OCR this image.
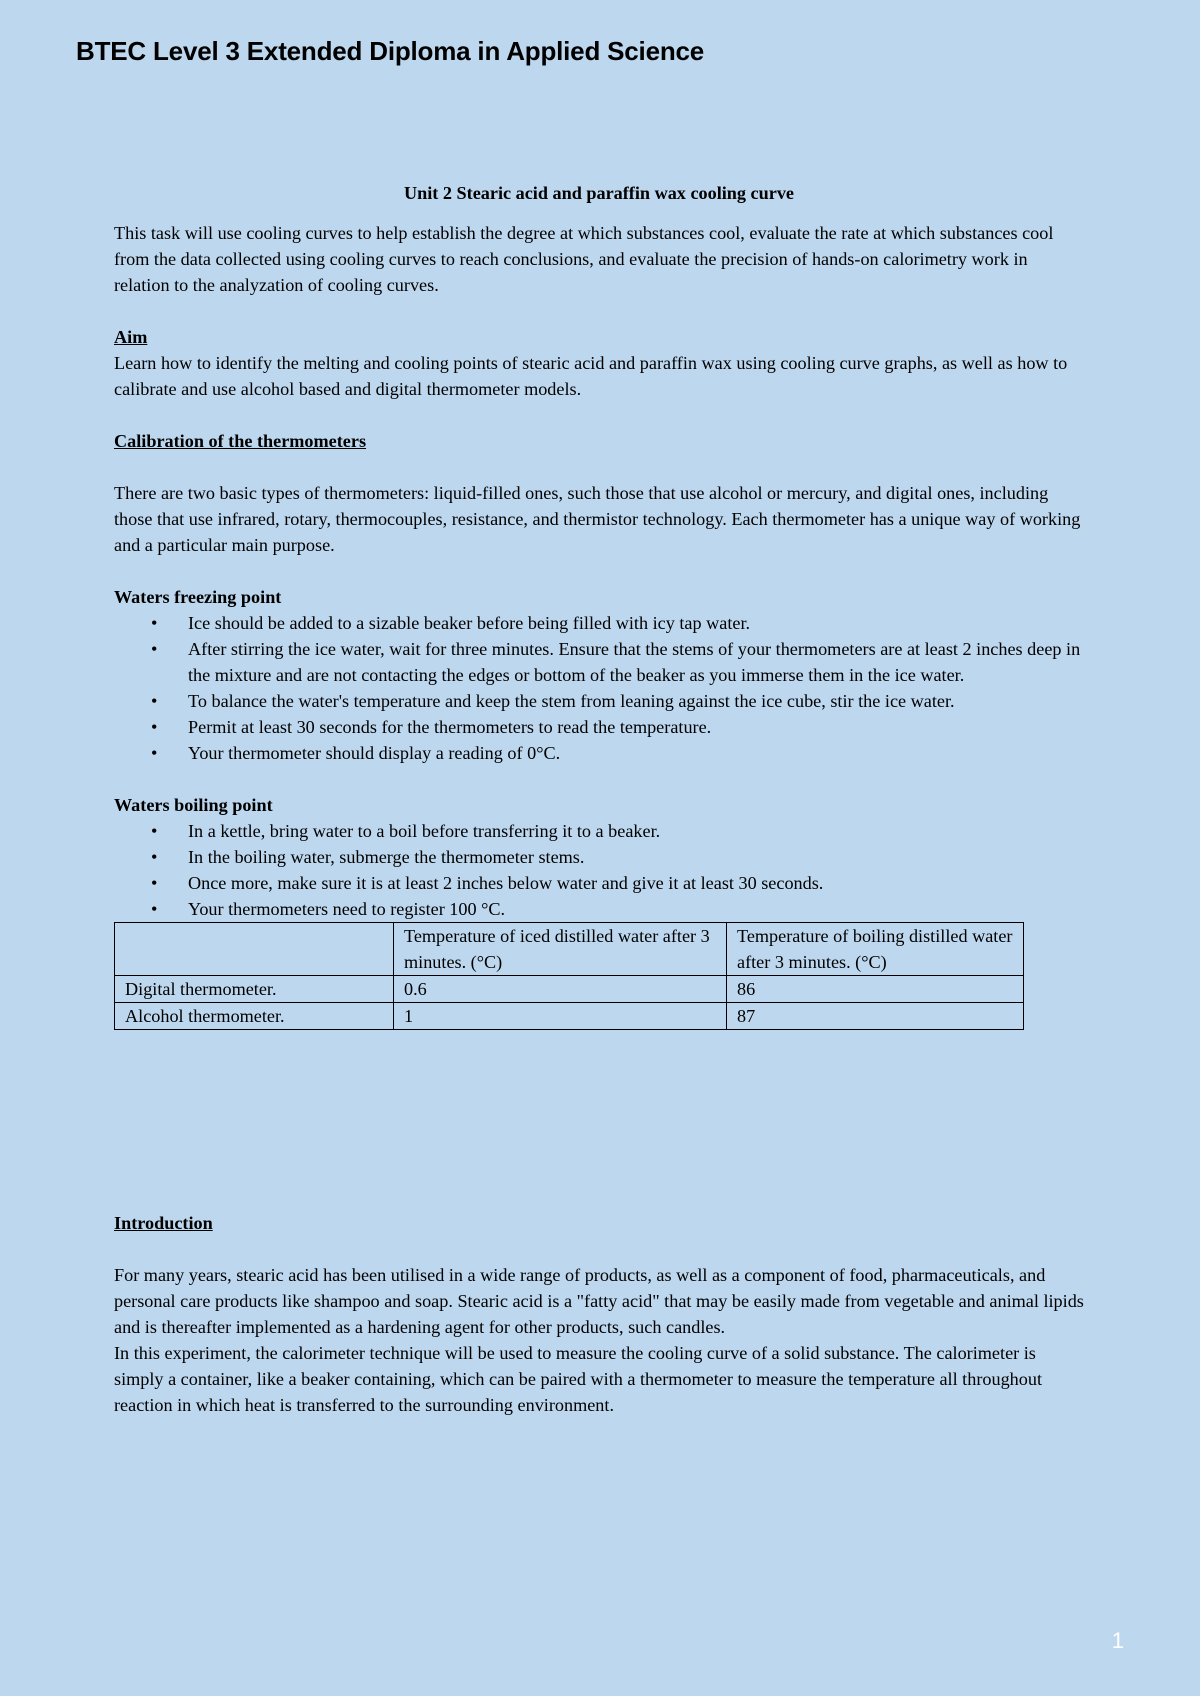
BTEC Level 3 Extended Diploma in Applied Science

Unit 2 Stearic acid and paraffin wax cooling curve

This task will use cooling curves to help establish the degree at which substances cool, evaluate the rate at which substances cool from the data collected using cooling curves to reach conclusions, and evaluate the precision of hands-on calorimetry work in relation to the analyzation of cooling curves.

Aim

Learn how to identify the melting and cooling points of stearic acid and paraffin wax using cooling curve graphs, as well as how to calibrate and use alcohol based and digital thermometer models.

Calibration of the thermometers

There are two basic types of thermometers: liquid-filled ones, such those that use alcohol or mercury, and digital ones, including those that use infrared, rotary, thermocouples, resistance, and thermistor technology. Each thermometer has a unique way of working and a particular main purpose.

Waters freezing point

• Ice should be added to a sizable beaker before being filled with icy tap water.
• After stirring the ice water, wait for three minutes. Ensure that the stems of your thermometers are at least 2 inches deep in the mixture and are not contacting the edges or bottom of the beaker as you immerse them in the ice water.
• To balance the water's temperature and keep the stem from leaning against the ice cube, stir the ice water.
• Permit at least 30 seconds for the thermometers to read the temperature.
• Your thermometer should display a reading of 0°C.

Waters boiling point

• In a kettle, bring water to a boil before transferring it to a beaker.
• In the boiling water, submerge the thermometer stems.
• Once more, make sure it is at least 2 inches below water and give it at least 30 seconds.
• Your thermometers need to register 100 °C.
	Temperature of iced distilled water after 3 minutes. (°C)	Temperature of boiling distilled water after 3 minutes. (°C)
Digital thermometer.	0.6	86
Alcohol thermometer.	1	87

Introduction

For many years, stearic acid has been utilised in a wide range of products, as well as a component of food, pharmaceuticals, and personal care products like shampoo and soap. Stearic acid is a "fatty acid" that may be easily made from vegetable and animal lipids and is thereafter implemented as a hardening agent for other products, such candles.

In this experiment, the calorimeter technique will be used to measure the cooling curve of a solid substance. The calorimeter is simply a container, like a beaker containing, which can be paired with a thermometer to measure the temperature all throughout reaction in which heat is transferred to the surrounding environment.

1
